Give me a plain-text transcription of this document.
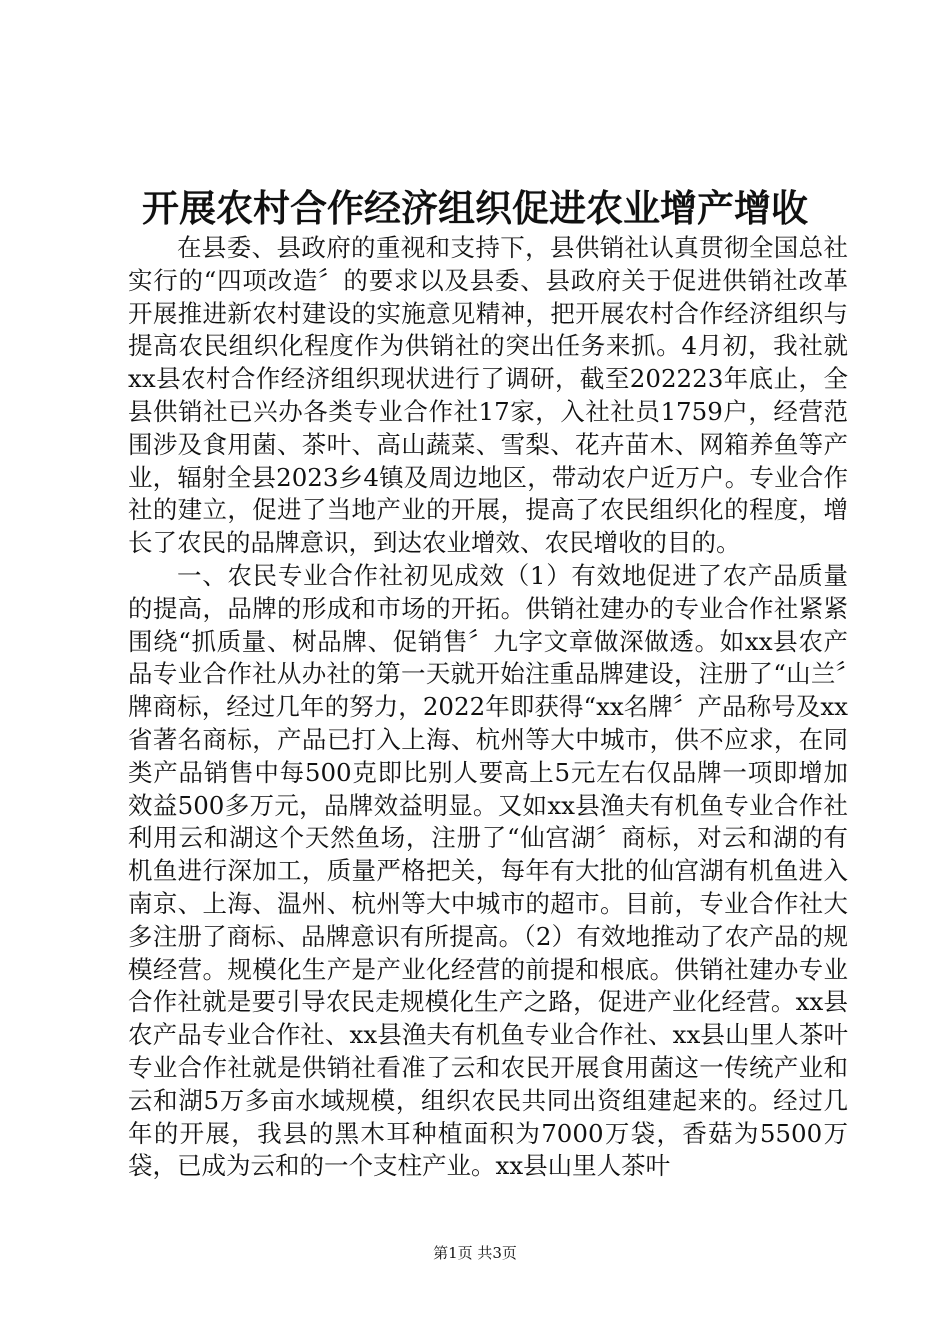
开展农村合作经济组织促进农业增产增收

在县委、县政府的重视和支持下，县供销社认真贯彻全国总社实行的“四项改造〞的要求以及县委、县政府关于促进供销社改革开展推进新农村建设的实施意见精神，把开展农村合作经济组织与提高农民组织化程度作为供销社的突出任务来抓。4月初，我社就xx县农村合作经济组织现状进行了调研，截至202223年底止，全县供销社已兴办各类专业合作社17家，入社社员1759户，经营范围涉及食用菌、茶叶、高山蔬菜、雪梨、花卉苗木、网箱养鱼等产业，辐射全县2023乡4镇及周边地区，带动农户近万户。专业合作社的建立，促进了当地产业的开展，提高了农民组织化的程度，增长了农民的品牌意识，到达农业增效、农民增收的目的。

一、农民专业合作社初见成效（1）有效地促进了农产品质量的提高，品牌的形成和市场的开拓。供销社建办的专业合作社紧紧围绕“抓质量、树品牌、促销售〞九字文章做深做透。如xx县农产品专业合作社从办社的第一天就开始注重品牌建设，注册了“山兰〞牌商标，经过几年的努力，2022年即获得“xx名牌〞产品称号及xx省著名商标，产品已打入上海、杭州等大中城市，供不应求，在同类产品销售中每500克即比别人要高上5元左右仅品牌一项即增加效益500多万元，品牌效益明显。又如xx县渔夫有机鱼专业合作社利用云和湖这个天然鱼场，注册了“仙宫湖〞商标，对云和湖的有机鱼进行深加工，质量严格把关，每年有大批的仙宫湖有机鱼进入南京、上海、温州、杭州等大中城市的超市。目前，专业合作社大多注册了商标、品牌意识有所提高。（2）有效地推动了农产品的规模经营。规模化生产是产业化经营的前提和根底。供销社建办专业合作社就是要引导农民走规模化生产之路，促进产业化经营。xx县农产品专业合作社、xx县渔夫有机鱼专业合作社、xx县山里人茶叶专业合作社就是供销社看准了云和农民开展食用菌这一传统产业和云和湖5万多亩水域规模，组织农民共同出资组建起来的。经过几年的开展，我县的黑木耳种植面积为7000万袋，香菇为5500万袋，已成为云和的一个支柱产业。xx县山里人茶叶

第1页 共3页
